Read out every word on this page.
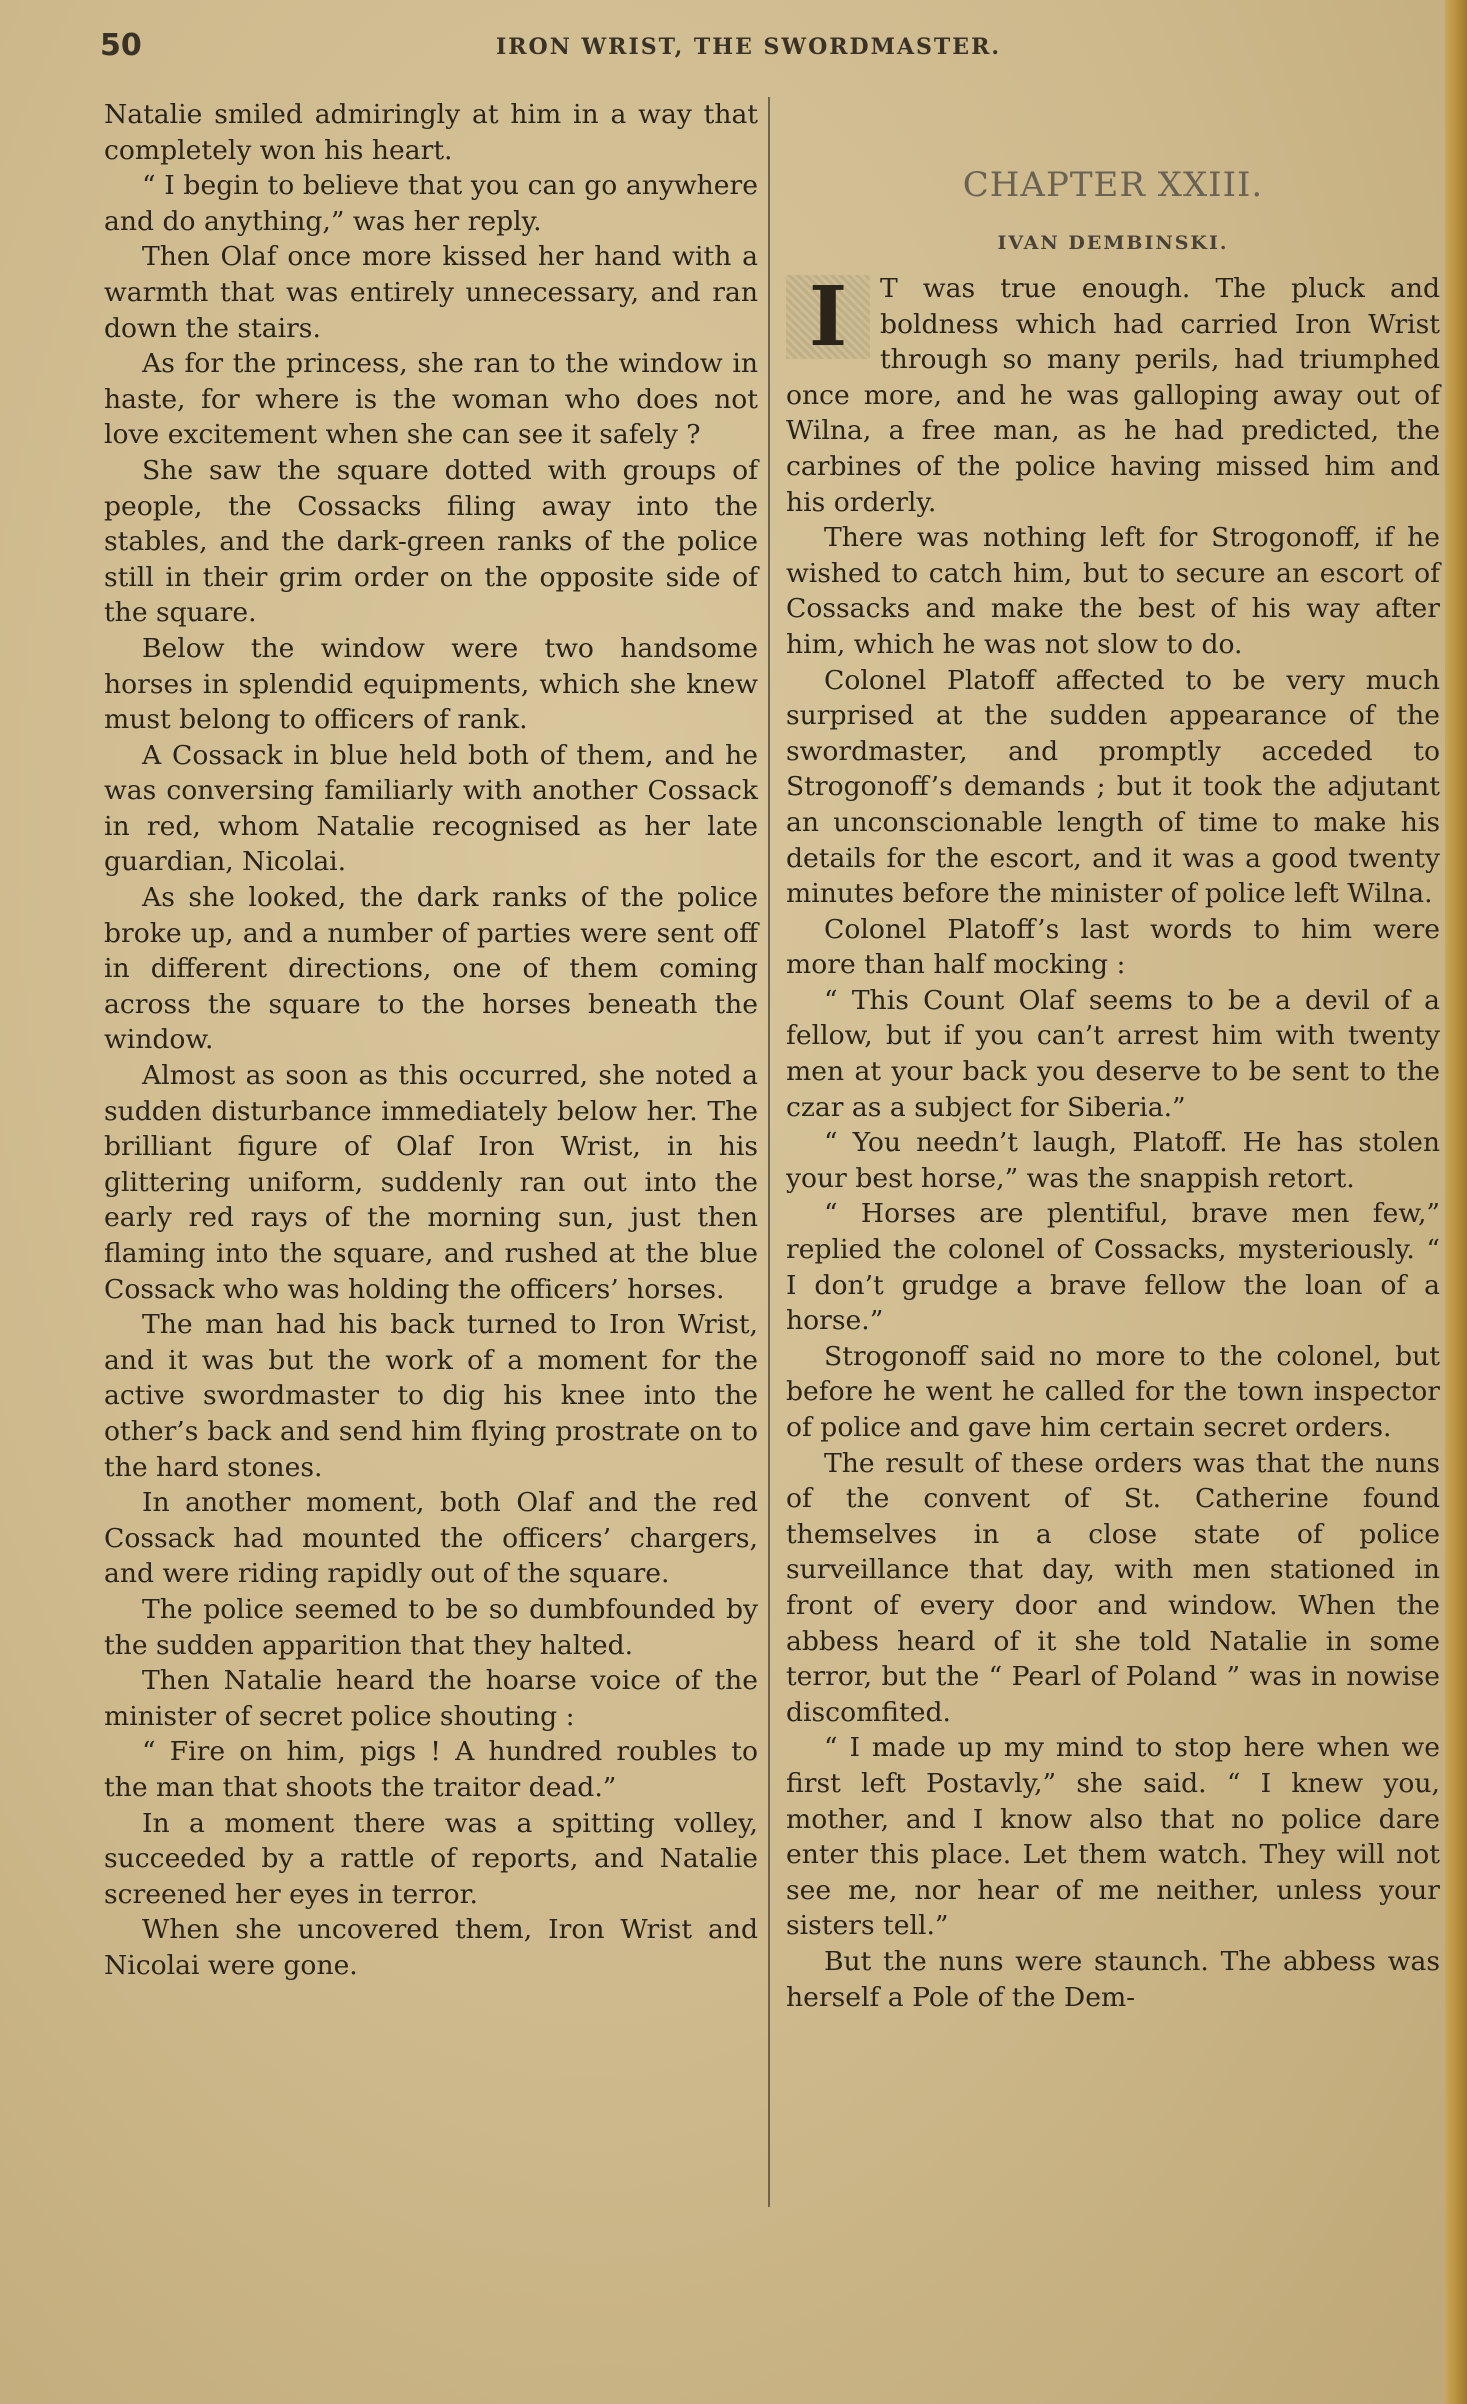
50	IRON WRIST, THE SWORDMASTER.

Natalie smiled admiringly at him in a way that completely won his heart.

“ I begin to believe that you can go anywhere and do anything,” was her reply.

Then Olaf once more kissed her hand with a warmth that was entirely unnecessary, and ran down the stairs.

As for the princess, she ran to the window in haste, for where is the woman who does not love excitement when she can see it safely ?

She saw the square dotted with groups of people, the Cossacks filing away into the stables, and the dark-green ranks of the police still in their grim order on the opposite side of the square.

Below the window were two handsome horses in splendid equipments, which she knew must belong to officers of rank.

A Cossack in blue held both of them, and he was conversing familiarly with another Cossack in red, whom Natalie recognised as her late guardian, Nicolai.

As she looked, the dark ranks of the police broke up, and a number of parties were sent off in different directions, one of them coming across the square to the horses beneath the window.

Almost as soon as this occurred, she noted a sudden disturbance immediately below her. The brilliant figure of Olaf Iron Wrist, in his glittering uniform, suddenly ran out into the early red rays of the morning sun, just then flaming into the square, and rushed at the blue Cossack who was holding the officers’ horses.

The man had his back turned to Iron Wrist, and it was but the work of a moment for the active swordmaster to dig his knee into the other’s back and send him flying prostrate on to the hard stones.

In another moment, both Olaf and the red Cossack had mounted the officers’ chargers, and were riding rapidly out of the square.

The police seemed to be so dumbfounded by the sudden apparition that they halted.

Then Natalie heard the hoarse voice of the minister of secret police shouting :

“ Fire on him, pigs ! A hundred roubles to the man that shoots the traitor dead.”

In a moment there was a spitting volley, succeeded by a rattle of reports, and Natalie screened her eyes in terror.

When she uncovered them, Iron Wrist and Nicolai were gone.

CHAPTER XXIII.
IVAN DEMBINSKI.

I	T was true enough. The pluck and boldness which had carried Iron Wrist through so many perils, had triumphed once more, and he was galloping away out of Wilna, a free man, as he had predicted, the carbines of the police having missed him and his orderly.

There was nothing left for Strogonoff, if he wished to catch him, but to secure an escort of Cossacks and make the best of his way after him, which he was not slow to do.

Colonel Platoff affected to be very much surprised at the sudden appearance of the swordmaster, and promptly acceded to Strogonoff’s demands ; but it took the adjutant an unconscionable length of time to make his details for the escort, and it was a good twenty minutes before the minister of police left Wilna.

Colonel Platoff’s last words to him were more than half mocking :

“ This Count Olaf seems to be a devil of a fellow, but if you can’t arrest him with twenty men at your back you deserve to be sent to the czar as a subject for Siberia.”

“ You needn’t laugh, Platoff. He has stolen your best horse,” was the snappish retort.

“ Horses are plentiful, brave men few,” replied the colonel of Cossacks, mysteriously. “ I don’t grudge a brave fellow the loan of a horse.”

Strogonoff said no more to the colonel, but before he went he called for the town inspector of police and gave him certain secret orders.

The result of these orders was that the nuns of the convent of St. Catherine found themselves in a close state of police surveillance that day, with men stationed in front of every door and window. When the abbess heard of it she told Natalie in some terror, but the “ Pearl of Poland ” was in nowise discomfited.

“ I made up my mind to stop here when we first left Postavly,” she said. “ I knew you, mother, and I know also that no police dare enter this place. Let them watch. They will not see me, nor hear of me neither, unless your sisters tell.”

But the nuns were staunch. The abbess was herself a Pole of the Dem-
